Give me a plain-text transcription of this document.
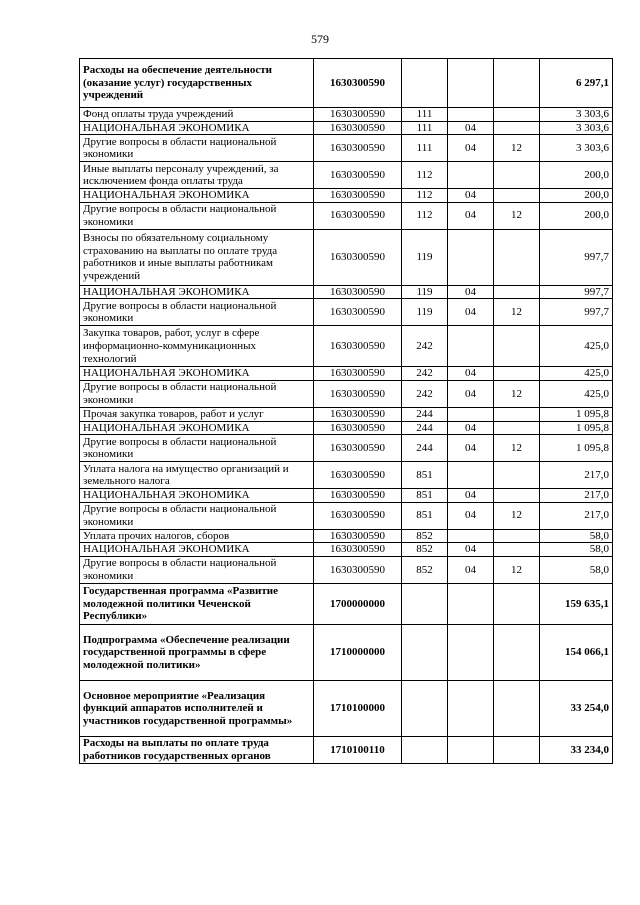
579
Расходы на обеспечение деятельности (оказание услуг) государственных учреждений	1630300590				6 297,1
Фонд оплаты труда учреждений	1630300590	111			3 303,6
НАЦИОНАЛЬНАЯ ЭКОНОМИКА	1630300590	111	04		3 303,6
Другие вопросы в области национальной экономики	1630300590	111	04	12	3 303,6
Иные выплаты персоналу учреждений, за исключением фонда оплаты труда	1630300590	112			200,0
НАЦИОНАЛЬНАЯ ЭКОНОМИКА	1630300590	112	04		200,0
Другие вопросы в области национальной экономики	1630300590	112	04	12	200,0
Взносы по обязательному социальному страхованию на выплаты по оплате труда работников и иные выплаты работникам учреждений	1630300590	119			997,7
НАЦИОНАЛЬНАЯ ЭКОНОМИКА	1630300590	119	04		997,7
Другие вопросы в области национальной экономики	1630300590	119	04	12	997,7
Закупка товаров, работ, услуг в сфере информационно-коммуникационных технологий	1630300590	242			425,0
НАЦИОНАЛЬНАЯ ЭКОНОМИКА	1630300590	242	04		425,0
Другие вопросы в области национальной экономики	1630300590	242	04	12	425,0
Прочая закупка товаров, работ и услуг	1630300590	244			1 095,8
НАЦИОНАЛЬНАЯ ЭКОНОМИКА	1630300590	244	04		1 095,8
Другие вопросы в области национальной экономики	1630300590	244	04	12	1 095,8
Уплата налога на имущество организаций и земельного налога	1630300590	851			217,0
НАЦИОНАЛЬНАЯ ЭКОНОМИКА	1630300590	851	04		217,0
Другие вопросы в области национальной экономики	1630300590	851	04	12	217,0
Уплата прочих налогов, сборов	1630300590	852			58,0
НАЦИОНАЛЬНАЯ ЭКОНОМИКА	1630300590	852	04		58,0
Другие вопросы в области национальной экономики	1630300590	852	04	12	58,0
Государственная программа «Развитие молодежной политики Чеченской Республики»	1700000000				159 635,1
Подпрограмма «Обеспечение реализации государственной программы в сфере молодежной политики»	1710000000				154 066,1
Основное мероприятие «Реализация функций аппаратов исполнителей и участников государственной программы»	1710100000				33 254,0
Расходы на выплаты по оплате труда работников государственных органов	1710100110				33 234,0
